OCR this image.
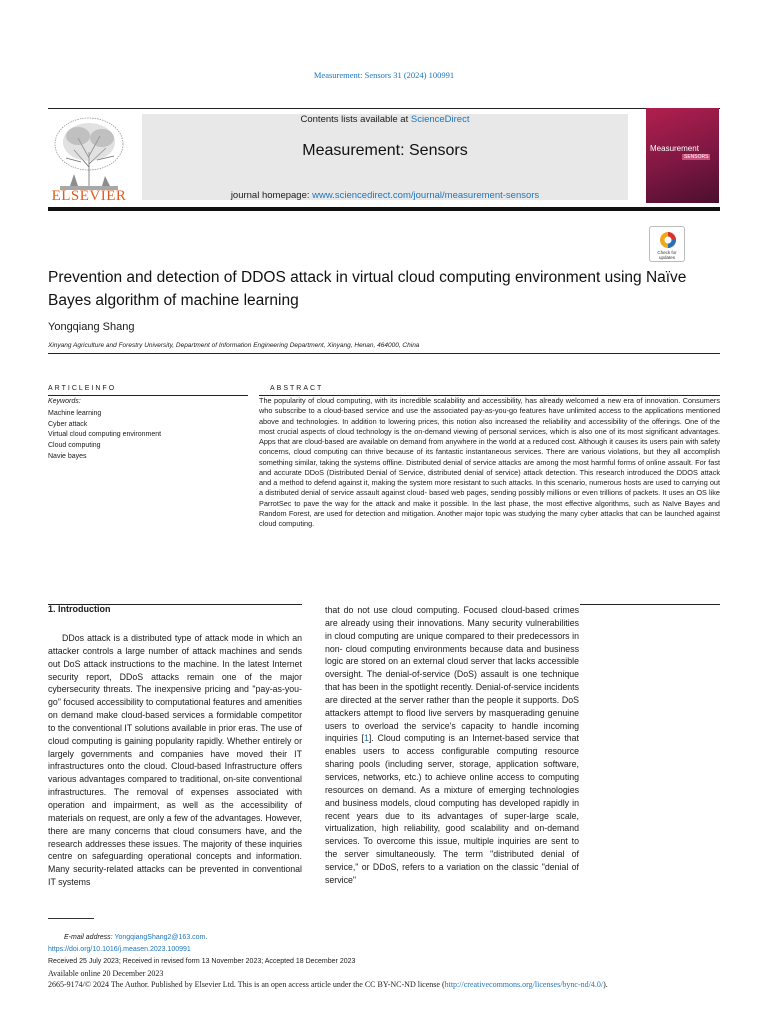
Measurement: Sensors 31 (2024) 100991
ELSEVIER
Contents lists available at ScienceDirect
Measurement: Sensors
journal homepage: www.sciencedirect.com/journal/measurement-sensors
Measurement
SENSORS
Check for updates
Prevention and detection of DDOS attack in virtual cloud computing environment using Naïve Bayes algorithm of machine learning
Yongqiang Shang
Xinyang Agriculture and Forestry University, Department of Information Engineering Department, Xinyang, Henan, 464000, China
ARTICLEINFO
Keywords:
Machine learning
Cyber attack
Virtual cloud computing environment
Cloud computing
Navie bayes
ABSTRACT

The popularity of cloud computing, with its incredible scalability and accessibility, has already welcomed a new era of innovation. Consumers who subscribe to a cloud-based service and use the associated pay-as-you-go features have unlimited access to the applications mentioned above and technologies. In addition to lowering prices, this notion also increased the reliability and accessibility of the offerings. One of the most crucial aspects of cloud technology is the on-demand viewing of personal services, which is also one of its most significant advantages. Apps that are cloud-based are available on demand from anywhere in the world at a reduced cost. Although it causes its users pain with safety concerns, cloud computing can thrive because of its fantastic instantaneous services. There are various violations, but they all accomplish something similar, taking the systems offline. Distributed denial of service attacks are among the most harmful forms of online assault. For fast and accurate DDoS (Distributed Denial of Service, distributed denial of service) attack detection. This research introduced the DDOS attack and a method to defend against it, making the system more resistant to such attacks. In this scenario, numerous hosts are used to carrying out a distributed denial of service assault against cloud- based web pages, sending possibly millions or even trillions of packets. It uses an OS like ParrotSec to pave the way for the attack and make it possible. In the last phase, the most effective algorithms, such as Naïve Bayes and Random Forest, are used for detection and mitigation. Another major topic was studying the many cyber attacks that can be launched against cloud computing.

1. Introduction

DDos attack is a distributed type of attack mode in which an attacker controls a large number of attack machines and sends out DoS attack instructions to the machine. In the latest Internet security report, DDoS attacks remain one of the major cybersecurity threats. The inexpensive pricing and "pay-as-you-go" focused accessibility to computational features and amenities on demand make cloud-based services a formidable competitor to the conventional IT solutions available in prior eras. The use of cloud computing is gaining popularity rapidly. Whether entirely or largely governments and companies have moved their IT infrastructures onto the cloud. Cloud-based Infrastructure offers various advantages compared to traditional, on-site conventional infrastructures. The removal of expenses associated with operation and impairment, as well as the accessibility of materials on request, are only a few of the advantages. However, there are many concerns that cloud consumers have, and the research addresses these issues. The majority of these inquiries centre on safeguarding operational concepts and information. Many security-related attacks can be prevented in conventional IT systems

that do not use cloud computing. Focused cloud-based crimes are already using their innovations. Many security vulnerabilities in cloud computing are unique compared to their predecessors in non- cloud computing environments because data and business logic are stored on an external cloud server that lacks accessible oversight. The denial-of-service (DoS) assault is one technique that has been in the spotlight recently. Denial-of-service incidents are directed at the server rather than the people it supports. DoS attackers attempt to flood live servers by masquerading genuine users to overload the service's capacity to handle incoming inquiries [1]. Cloud computing is an Internet-based service that enables users to access configurable computing resource sharing pools (including server, storage, application software, services, networks, etc.) to achieve online access to computing resources on demand. As a mixture of emerging technologies and business models, cloud computing has developed rapidly in recent years due to its advantages of super-large scale, virtualization, high reliability, good scalability and on-demand services. To overcome this issue, multiple inquiries are sent to the server simultaneously. The term "distributed denial of service," or DDoS, refers to a variation on the classic "denial of service"

E-mail address: YongqiangShang2@163.com.
https://doi.org/10.1016/j.measen.2023.100991
Received 25 July 2023; Received in revised form 13 November 2023; Accepted 18 December 2023
Available online 20 December 2023
2665-9174/© 2024 The Author. Published by Elsevier Ltd. This is an open access article under the CC BY-NC-ND license (http://creativecommons.org/licenses/bync-nd/4.0/).
